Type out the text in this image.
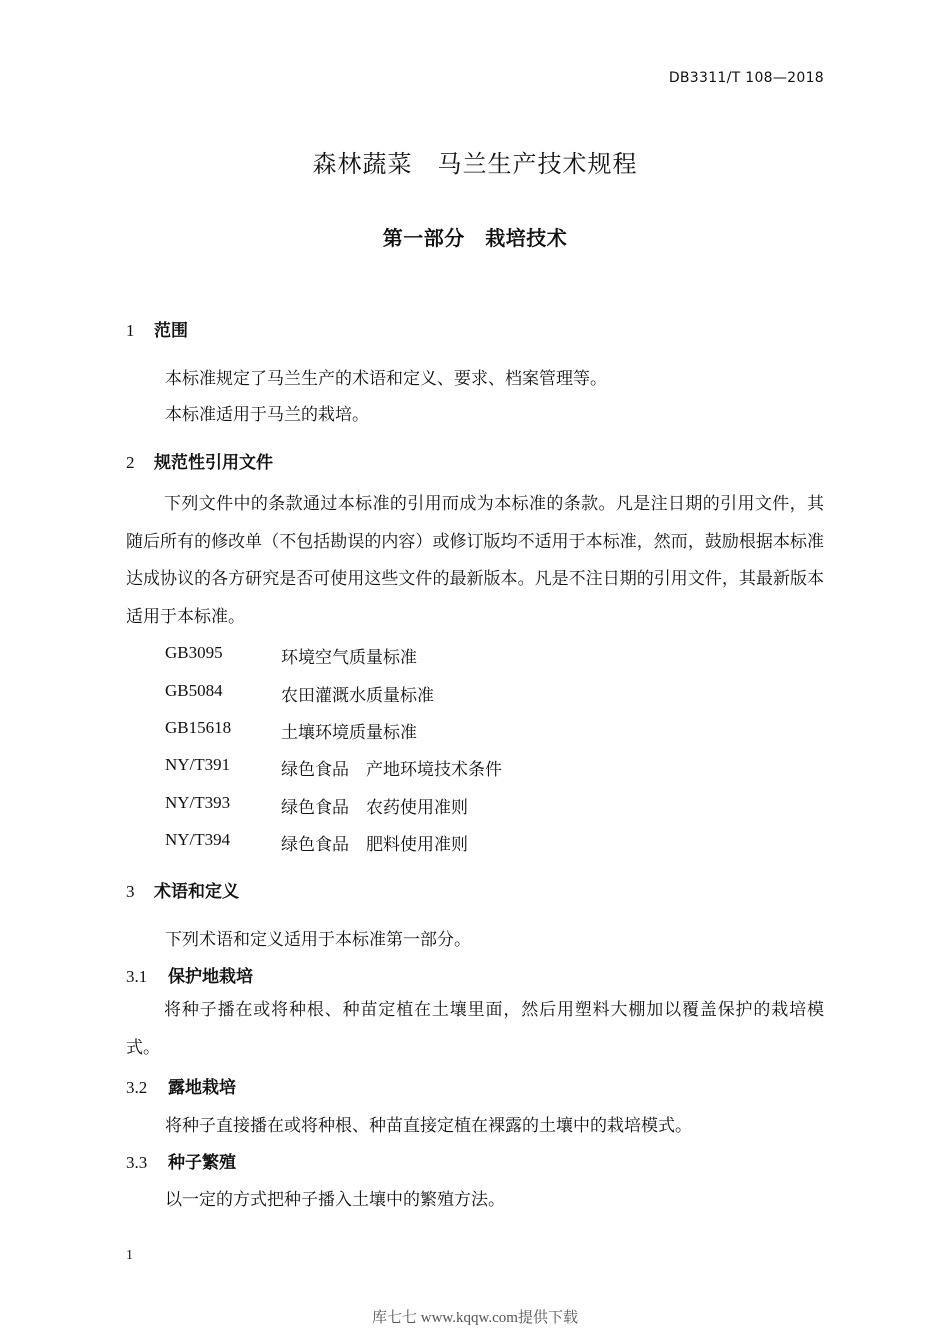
DB3311/T 108—2018
森林蔬菜　马兰生产技术规程
第一部分　栽培技术
1 范围
本标准规定了马兰生产的术语和定义、要求、档案管理等。
本标准适用于马兰的栽培。
2 规范性引用文件
下列文件中的条款通过本标准的引用而成为本标准的条款。凡是注日期的引用文件，其随后所有的修改单（不包括勘误的内容）或修订版均不适用于本标准，然而，鼓励根据本标准达成协议的各方研究是否可使用这些文件的最新版本。凡是不注日期的引用文件，其最新版本适用于本标准。
GB3095	环境空气质量标准
GB5084	农田灌溉水质量标准
GB15618	土壤环境质量标准
NY/T391	绿色食品　产地环境技术条件
NY/T393	绿色食品　农药使用准则
NY/T394	绿色食品　肥料使用准则
3 术语和定义
下列术语和定义适用于本标准第一部分。
3.1 保护地栽培
将种子播在或将种根、种苗定植在土壤里面，然后用塑料大棚加以覆盖保护的栽培模式。
3.2 露地栽培
将种子直接播在或将种根、种苗直接定植在裸露的土壤中的栽培模式。
3.3 种子繁殖
以一定的方式把种子播入土壤中的繁殖方法。
1
库七七 www.kqqw.com提供下载
